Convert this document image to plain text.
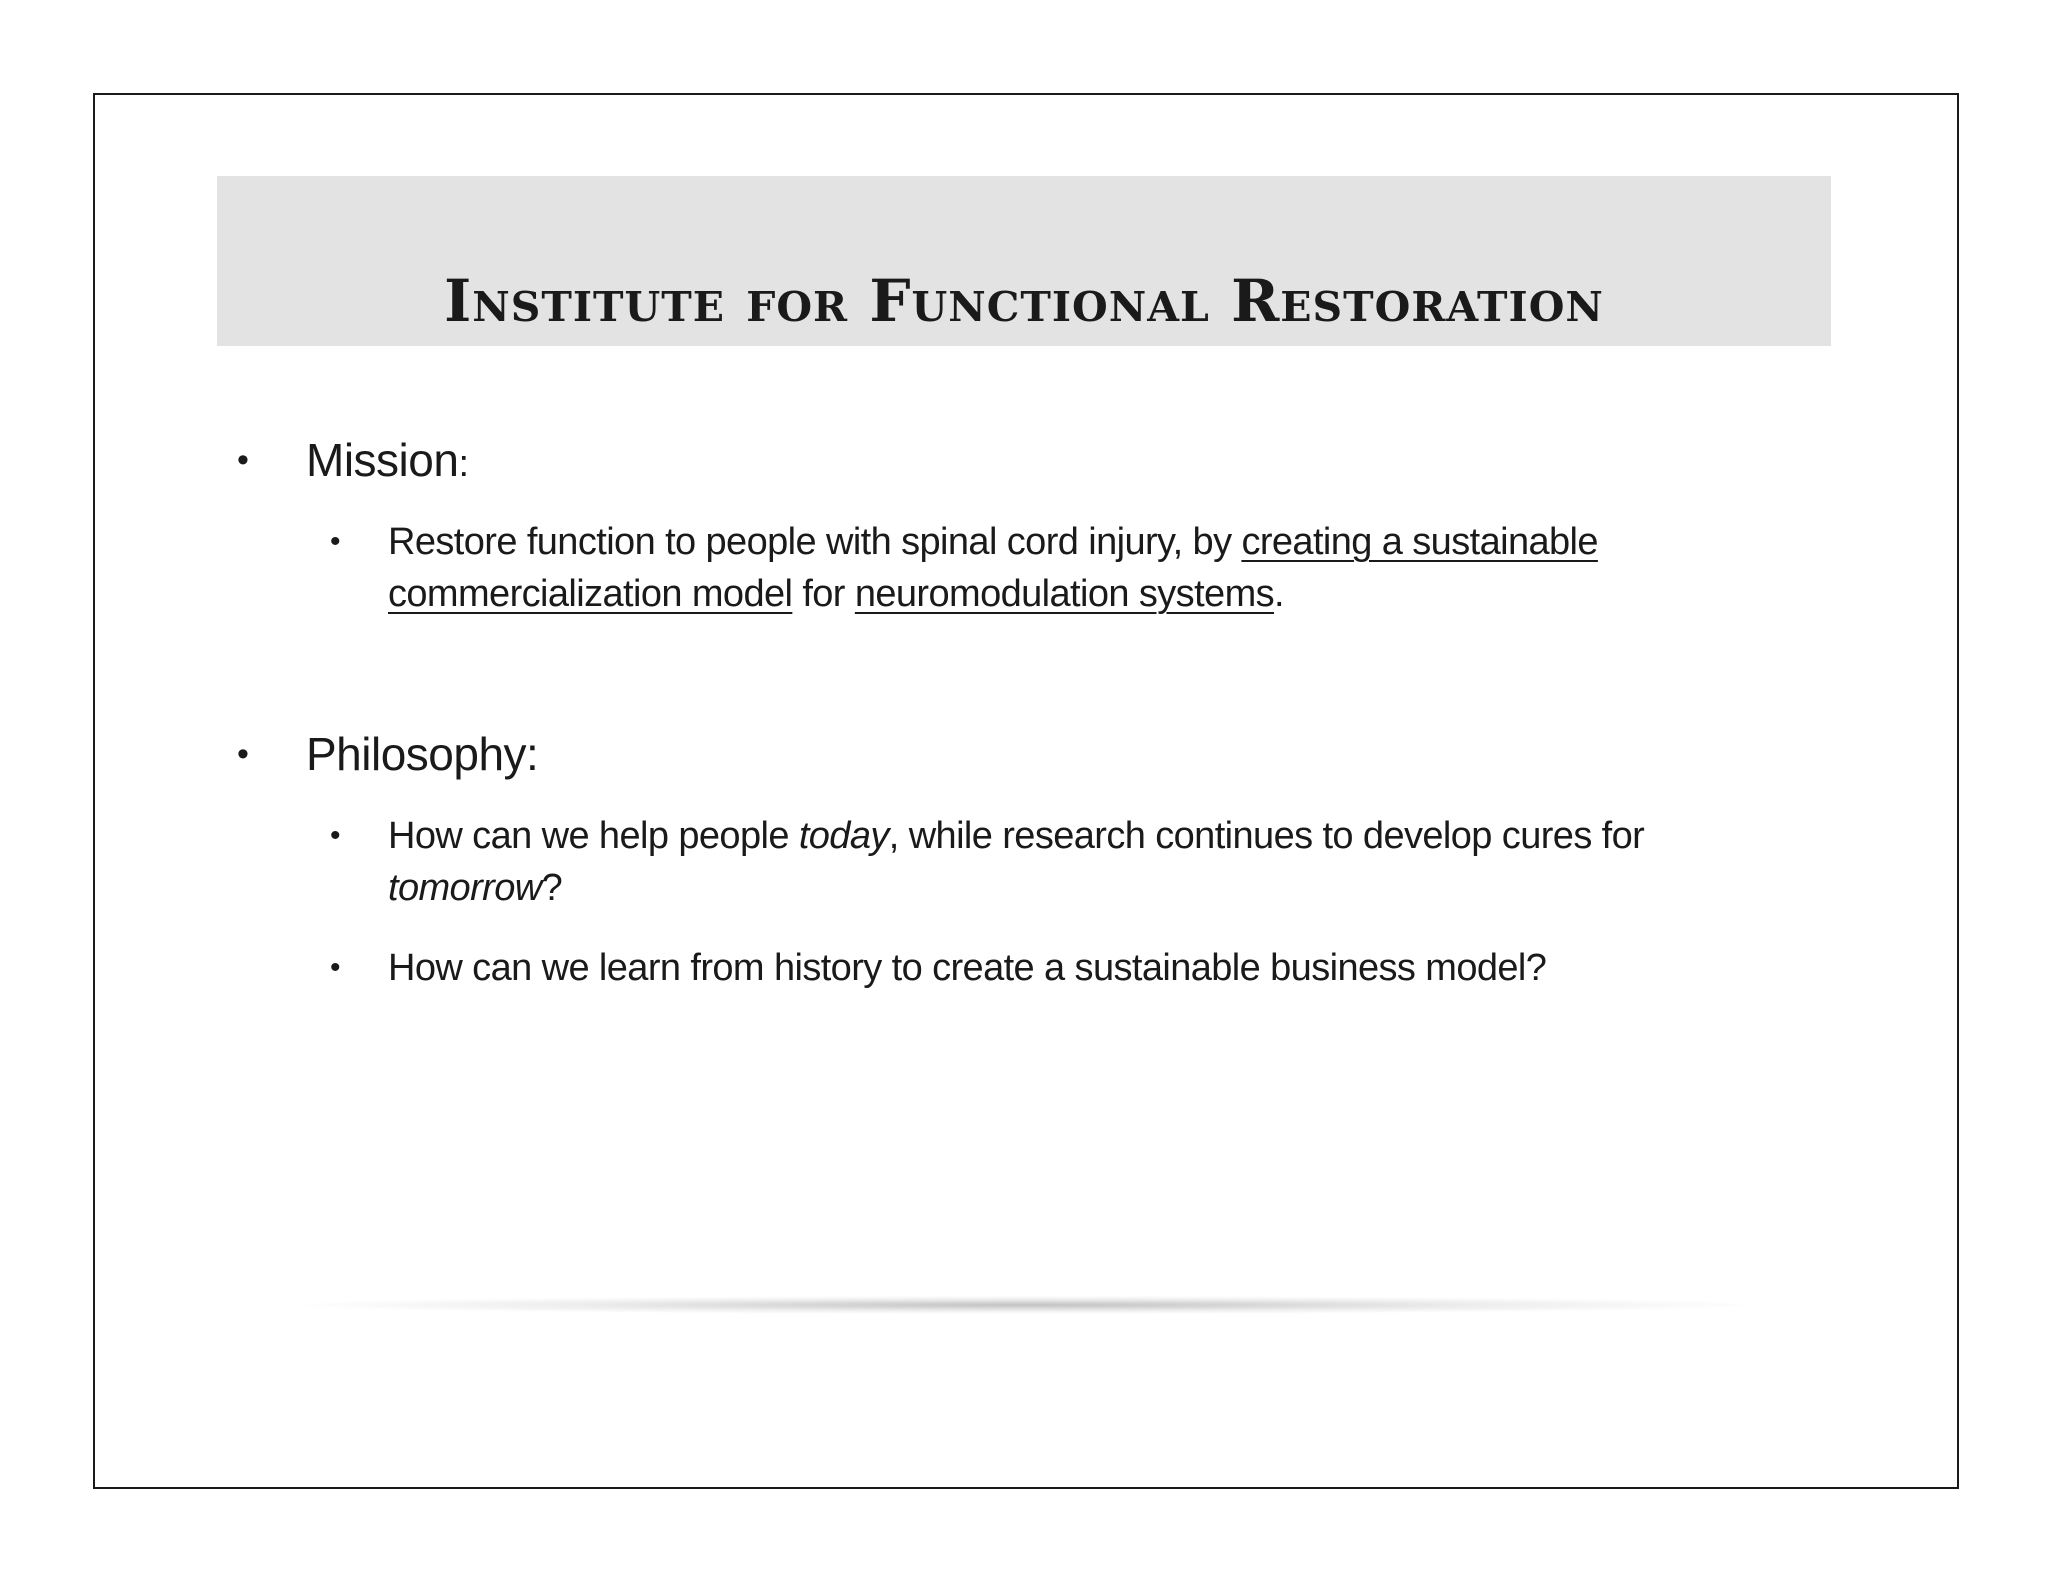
Institute for Functional Restoration
• Mission:
• Restore function to people with spinal cord injury, by creating a sustainable commercialization model for neuromodulation systems.
• Philosophy:
• How can we help people today, while research continues to develop cures for tomorrow?
• How can we learn from history to create a sustainable business model?
